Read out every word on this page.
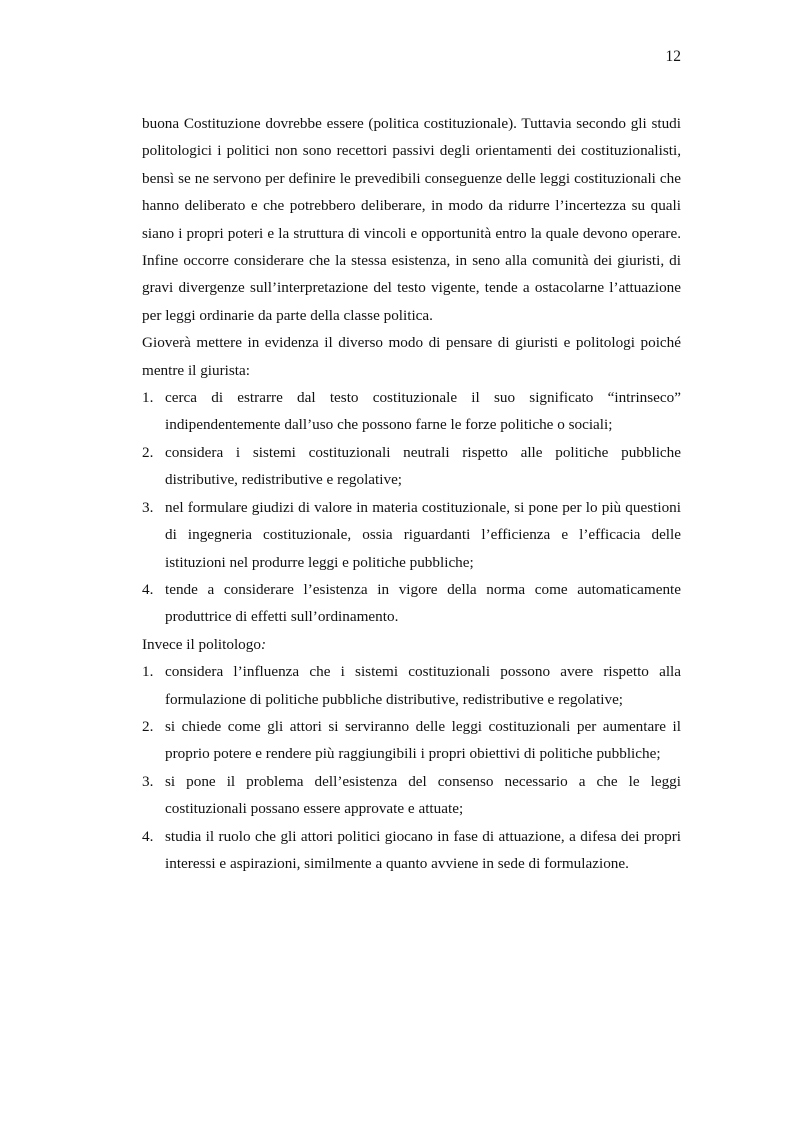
12

buona Costituzione dovrebbe essere (politica costituzionale). Tuttavia secondo gli studi politologici i politici non sono recettori passivi degli orientamenti dei costituzionalisti, bensì se ne servono per definire le prevedibili conseguenze delle leggi costituzionali che hanno deliberato e che potrebbero deliberare, in modo da ridurre l’incertezza su quali siano i propri poteri e la struttura di vincoli e opportunità entro la quale devono operare. Infine occorre considerare che la stessa esistenza, in seno alla comunità dei giuristi, di gravi divergenze sull’interpretazione del testo vigente, tende a ostacolarne l’attuazione per leggi ordinarie da parte della classe politica.

Gioverà mettere in evidenza il diverso modo di pensare di giuristi e politologi poiché mentre il giurista:

1. cerca di estrarre dal testo costituzionale il suo significato “intrinseco” indipendentemente dall’uso che possono farne le forze politiche o sociali;
2. considera i sistemi costituzionali neutrali rispetto alle politiche pubbliche distributive, redistributive e regolative;
3. nel formulare giudizi di valore in materia costituzionale, si pone per lo più questioni di ingegneria costituzionale, ossia riguardanti l’efficienza e l’efficacia delle istituzioni nel produrre leggi e politiche pubbliche;
4. tende a considerare l’esistenza in vigore della norma come automaticamente produttrice di effetti sull’ordinamento.

Invece il politologo:

1. considera l’influenza che i sistemi costituzionali possono avere rispetto alla formulazione di politiche pubbliche distributive, redistributive e regolative;
2. si chiede come gli attori si serviranno delle leggi costituzionali per aumentare il proprio potere e rendere più raggiungibili i propri obiettivi di politiche pubbliche;
3. si pone il problema dell’esistenza del consenso necessario a che le leggi costituzionali possano essere approvate e attuate;
4. studia il ruolo che gli attori politici giocano in fase di attuazione, a difesa dei propri interessi e aspirazioni, similmente a quanto avviene in sede di formulazione.
